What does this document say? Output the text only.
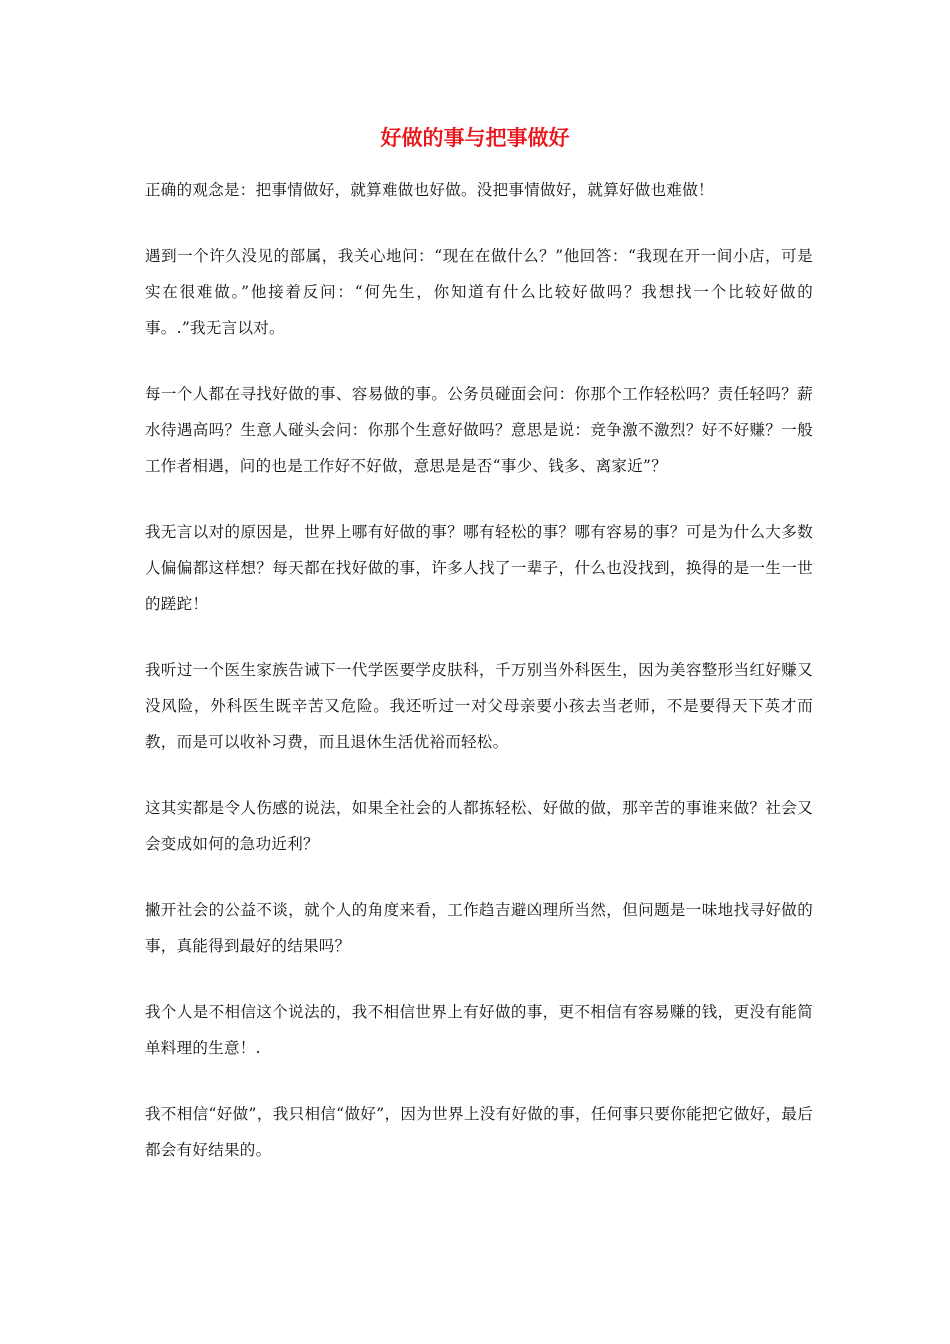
好做的事与把事做好

正确的观念是：把事情做好，就算难做也好做。没把事情做好，就算好做也难做！

遇到一个许久没见的部属，我关心地问：“现在在做什么？”他回答：“我现在开一间小店，可是实在很难做。”他接着反问：“何先生，你知道有什么比较好做吗？我想找一个比较好做的事。.”我无言以对。

每一个人都在寻找好做的事、容易做的事。公务员碰面会问：你那个工作轻松吗？责任轻吗？薪水待遇高吗？生意人碰头会问：你那个生意好做吗？意思是说：竞争激不激烈？好不好赚？一般工作者相遇，问的也是工作好不好做，意思是是否“事少、钱多、离家近”？

我无言以对的原因是，世界上哪有好做的事？哪有轻松的事？哪有容易的事？可是为什么大多数人偏偏都这样想？每天都在找好做的事，许多人找了一辈子，什么也没找到，换得的是一生一世的蹉跎！

我听过一个医生家族告诫下一代学医要学皮肤科，千万别当外科医生，因为美容整形当红好赚又没风险，外科医生既辛苦又危险。我还听过一对父母亲要小孩去当老师，不是要得天下英才而教，而是可以收补习费，而且退休生活优裕而轻松。

这其实都是令人伤感的说法，如果全社会的人都拣轻松、好做的做，那辛苦的事谁来做？社会又会变成如何的急功近利？

撇开社会的公益不谈，就个人的角度来看，工作趋吉避凶理所当然，但问题是一味地找寻好做的事，真能得到最好的结果吗？

我个人是不相信这个说法的，我不相信世界上有好做的事，更不相信有容易赚的钱，更没有能简单料理的生意！.

我不相信“好做”，我只相信“做好”，因为世界上没有好做的事，任何事只要你能把它做好，最后都会有好结果的。
